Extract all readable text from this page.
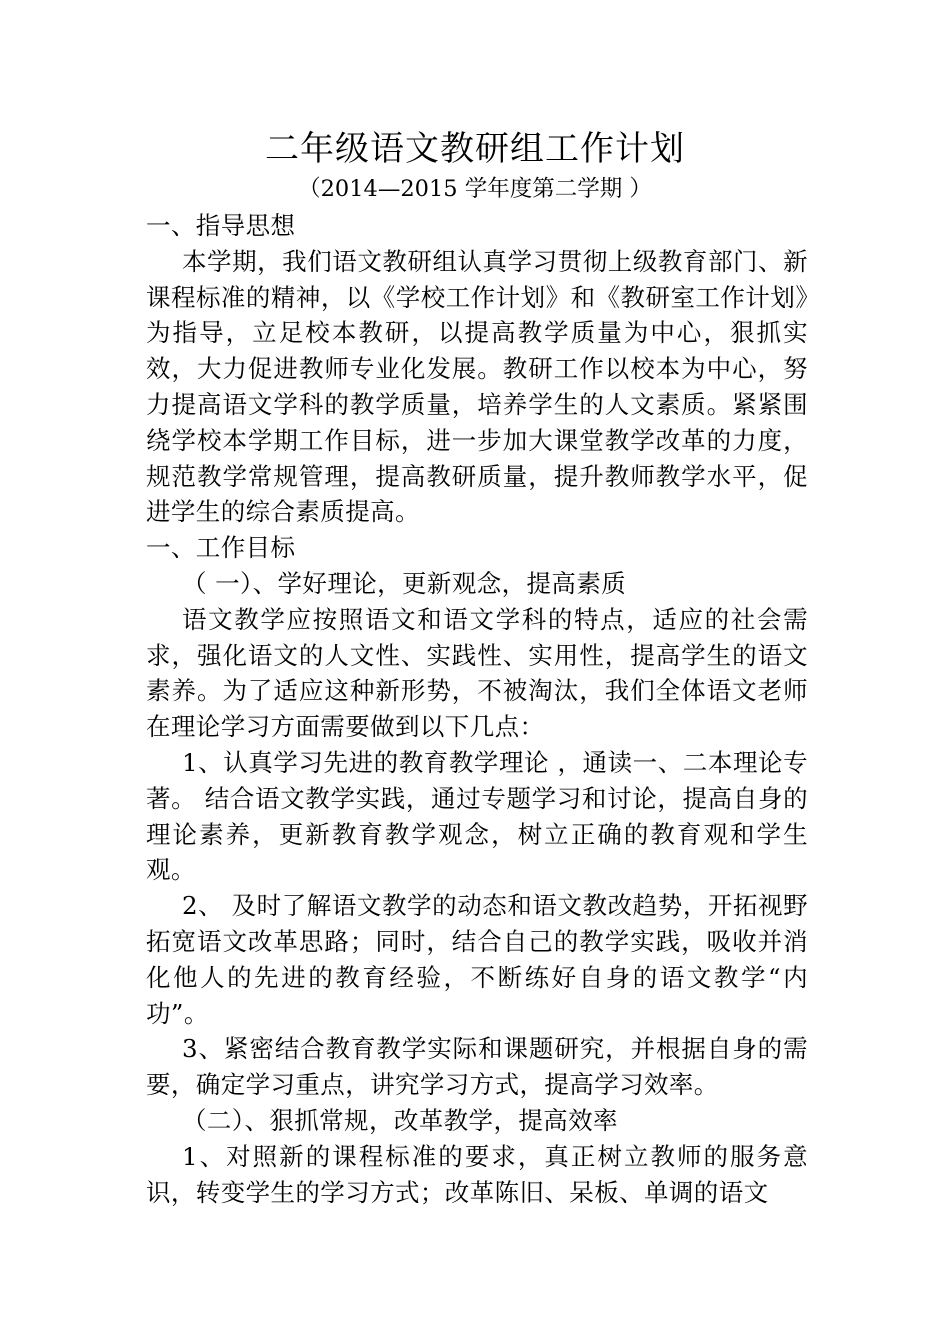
二年级语文教研组工作计划
（2014—2015 学年度第二学期 ）

一、指导思想

本学期，我们语文教研组认真学习贯彻上级教育部门、新课程标准的精神，以《学校工作计划》和《教研室工作计划》为指导，立足校本教研，以提高教学质量为中心，狠抓实效，大力促进教师专业化发展。教研工作以校本为中心，努力提高语文学科的教学质量，培养学生的人文素质。紧紧围绕学校本学期工作目标，进一步加大课堂教学改革的力度，规范教学常规管理，提高教研质量，提升教师教学水平，促进学生的综合素质提高。

一、工作目标

（ 一）、学好理论，更新观念，提高素质

语文教学应按照语文和语文学科的特点，适应的社会需求，强化语文的人文性、实践性、实用性，提高学生的语文素养。为了适应这种新形势，不被淘汰，我们全体语文老师在理论学习方面需要做到以下几点：

1、认真学习先进的教育教学理论 ，通读一、二本理论专著。 结合语文教学实践，通过专题学习和讨论，提高自身的理论素养，更新教育教学观念，树立正确的教育观和学生观。

2、 及时了解语文教学的动态和语文教改趋势，开拓视野拓宽语文改革思路；同时，结合自己的教学实践，吸收并消化他人的先进的教育经验，不断练好自身的语文教学“内功”。

3、紧密结合教育教学实际和课题研究，并根据自身的需要，确定学习重点，讲究学习方式，提高学习效率。

（二）、狠抓常规，改革教学，提高效率

1、对照新的课程标准的要求，真正树立教师的服务意识，转变学生的学习方式；改革陈旧、呆板、单调的语文
